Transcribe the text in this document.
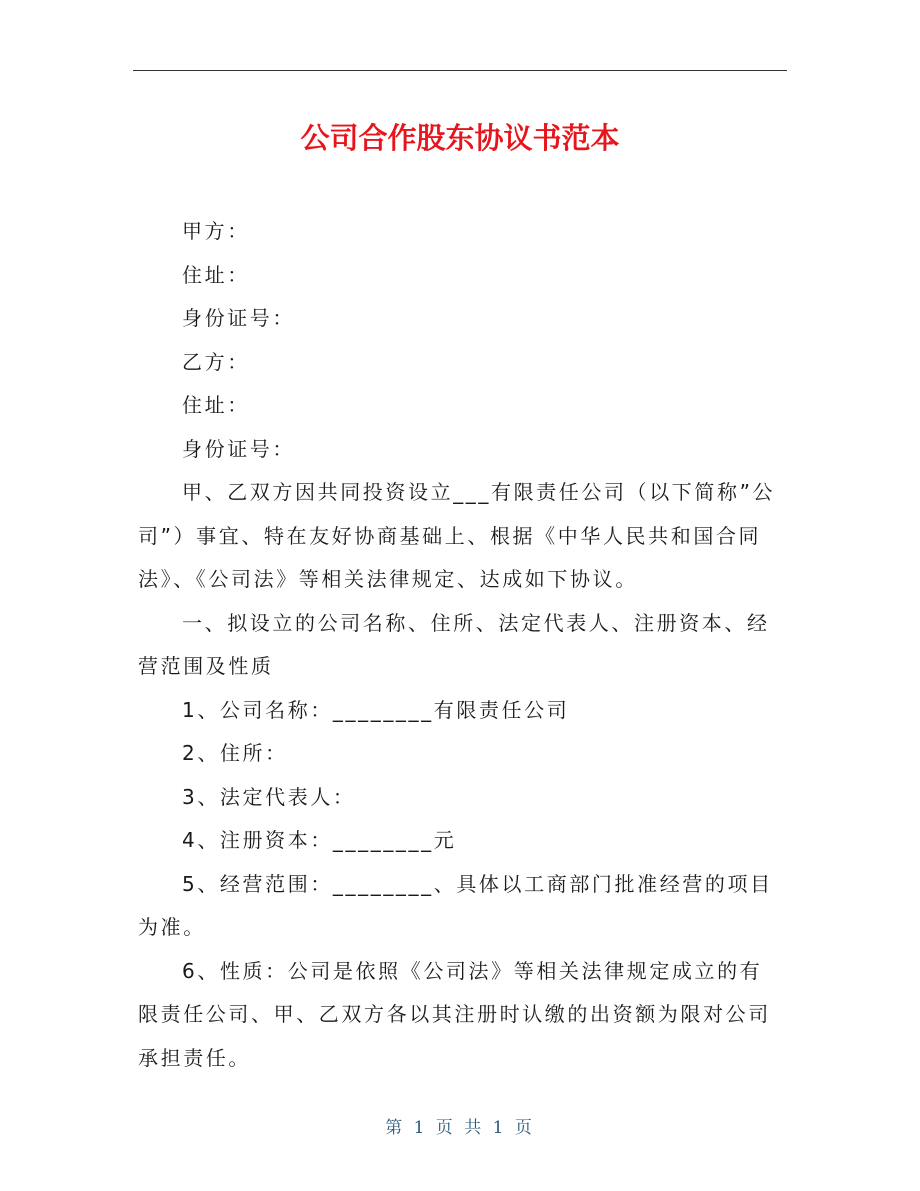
公司合作股东协议书范本

甲方：

住址：

身份证号：

乙方：

住址：

身份证号：

甲、乙双方因共同投资设立___有限责任公司（以下简称”公司”）事宜、特在友好协商基础上、根据《中华人民共和国合同法》、《公司法》等相关法律规定、达成如下协议。

一、拟设立的公司名称、住所、法定代表人、注册资本、经营范围及性质

1、公司名称：________有限责任公司

2、住所：

3、法定代表人：

4、注册资本：________元

5、经营范围：________、具体以工商部门批准经营的项目为准。

6、性质：公司是依照《公司法》等相关法律规定成立的有限责任公司、甲、乙双方各以其注册时认缴的出资额为限对公司承担责任。

第 1 页 共 1 页
